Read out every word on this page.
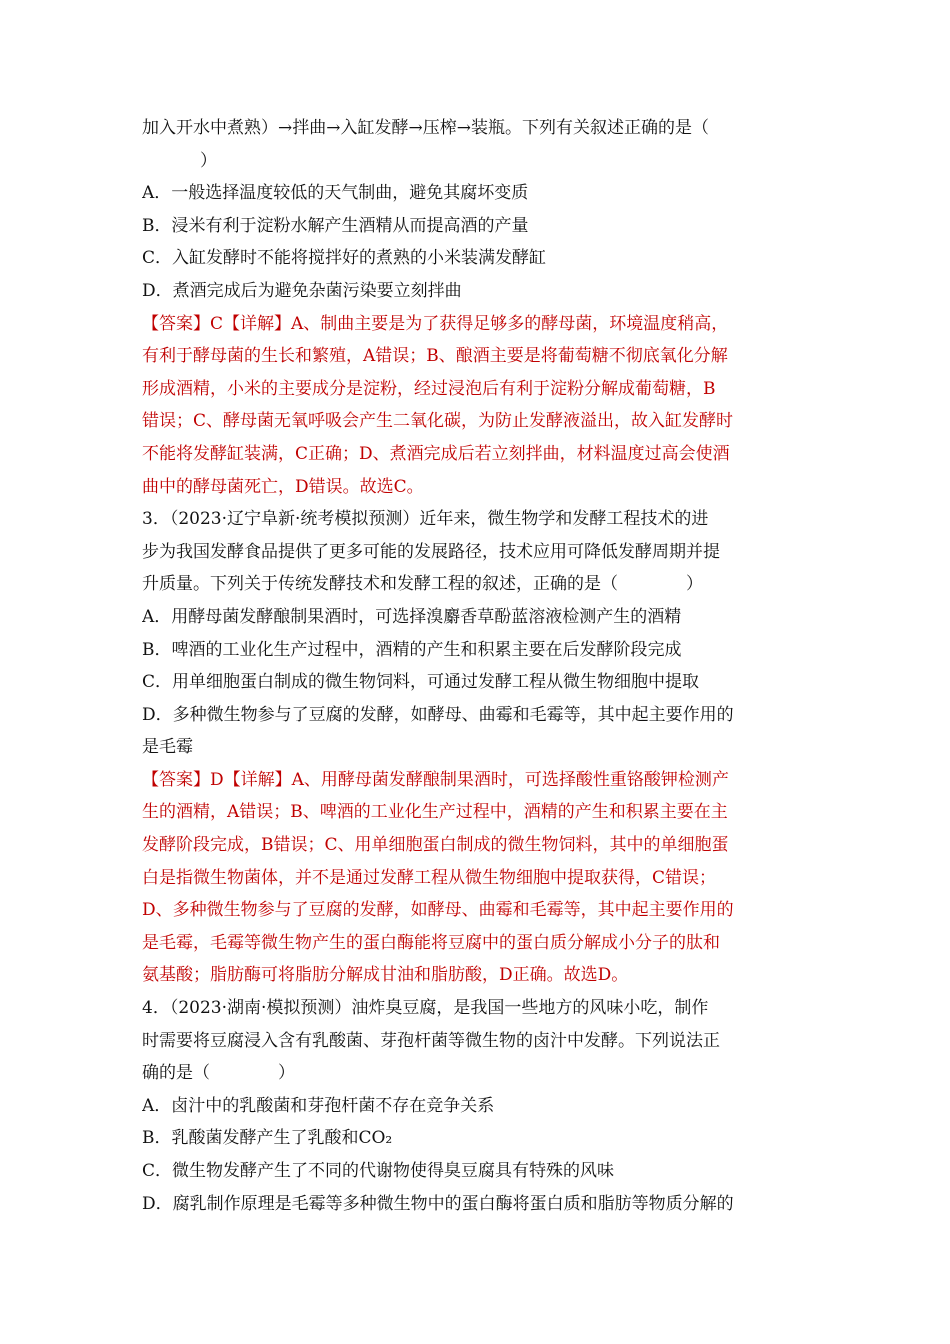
加入开水中煮熟）→拌曲→入缸发酵→压榨→装瓶。下列有关叙述正确的是（
）
A．一般选择温度较低的天气制曲，避免其腐坏变质
B．浸米有利于淀粉水解产生酒精从而提高酒的产量
C．入缸发酵时不能将搅拌好的煮熟的小米装满发酵缸
D．煮酒完成后为避免杂菌污染要立刻拌曲
【答案】C【详解】A、制曲主要是为了获得足够多的酵母菌，环境温度稍高，
有利于酵母菌的生长和繁殖，A错误；B、酿酒主要是将葡萄糖不彻底氧化分解
形成酒精，小米的主要成分是淀粉，经过浸泡后有利于淀粉分解成葡萄糖，B
错误；C、酵母菌无氧呼吸会产生二氧化碳，为防止发酵液溢出，故入缸发酵时
不能将发酵缸装满，C正确；D、煮酒完成后若立刻拌曲，材料温度过高会使酒
曲中的酵母菌死亡，D错误。故选C。
3．（2023·辽宁阜新·统考模拟预测）近年来，微生物学和发酵工程技术的进
步为我国发酵食品提供了更多可能的发展路径，技术应用可降低发酵周期并提
升质量。下列关于传统发酵技术和发酵工程的叙述，正确的是（　　　　）
A．用酵母菌发酵酿制果酒时，可选择溴麝香草酚蓝溶液检测产生的酒精
B．啤酒的工业化生产过程中，酒精的产生和积累主要在后发酵阶段完成
C．用单细胞蛋白制成的微生物饲料，可通过发酵工程从微生物细胞中提取
D．多种微生物参与了豆腐的发酵，如酵母、曲霉和毛霉等，其中起主要作用的
是毛霉
【答案】D【详解】A、用酵母菌发酵酿制果酒时，可选择酸性重铬酸钾检测产
生的酒精，A错误；B、啤酒的工业化生产过程中，酒精的产生和积累主要在主
发酵阶段完成，B错误；C、用单细胞蛋白制成的微生物饲料，其中的单细胞蛋
白是指微生物菌体，并不是通过发酵工程从微生物细胞中提取获得，C错误；
D、多种微生物参与了豆腐的发酵，如酵母、曲霉和毛霉等，其中起主要作用的
是毛霉，毛霉等微生物产生的蛋白酶能将豆腐中的蛋白质分解成小分子的肽和
氨基酸；脂肪酶可将脂肪分解成甘油和脂肪酸，D正确。故选D。
4．（2023·湖南·模拟预测）油炸臭豆腐，是我国一些地方的风味小吃，制作
时需要将豆腐浸入含有乳酸菌、芽孢杆菌等微生物的卤汁中发酵。下列说法正
确的是（　　　　）
A．卤汁中的乳酸菌和芽孢杆菌不存在竞争关系
B．乳酸菌发酵产生了乳酸和CO₂
C．微生物发酵产生了不同的代谢物使得臭豆腐具有特殊的风味
D．腐乳制作原理是毛霉等多种微生物中的蛋白酶将蛋白质和脂肪等物质分解的
